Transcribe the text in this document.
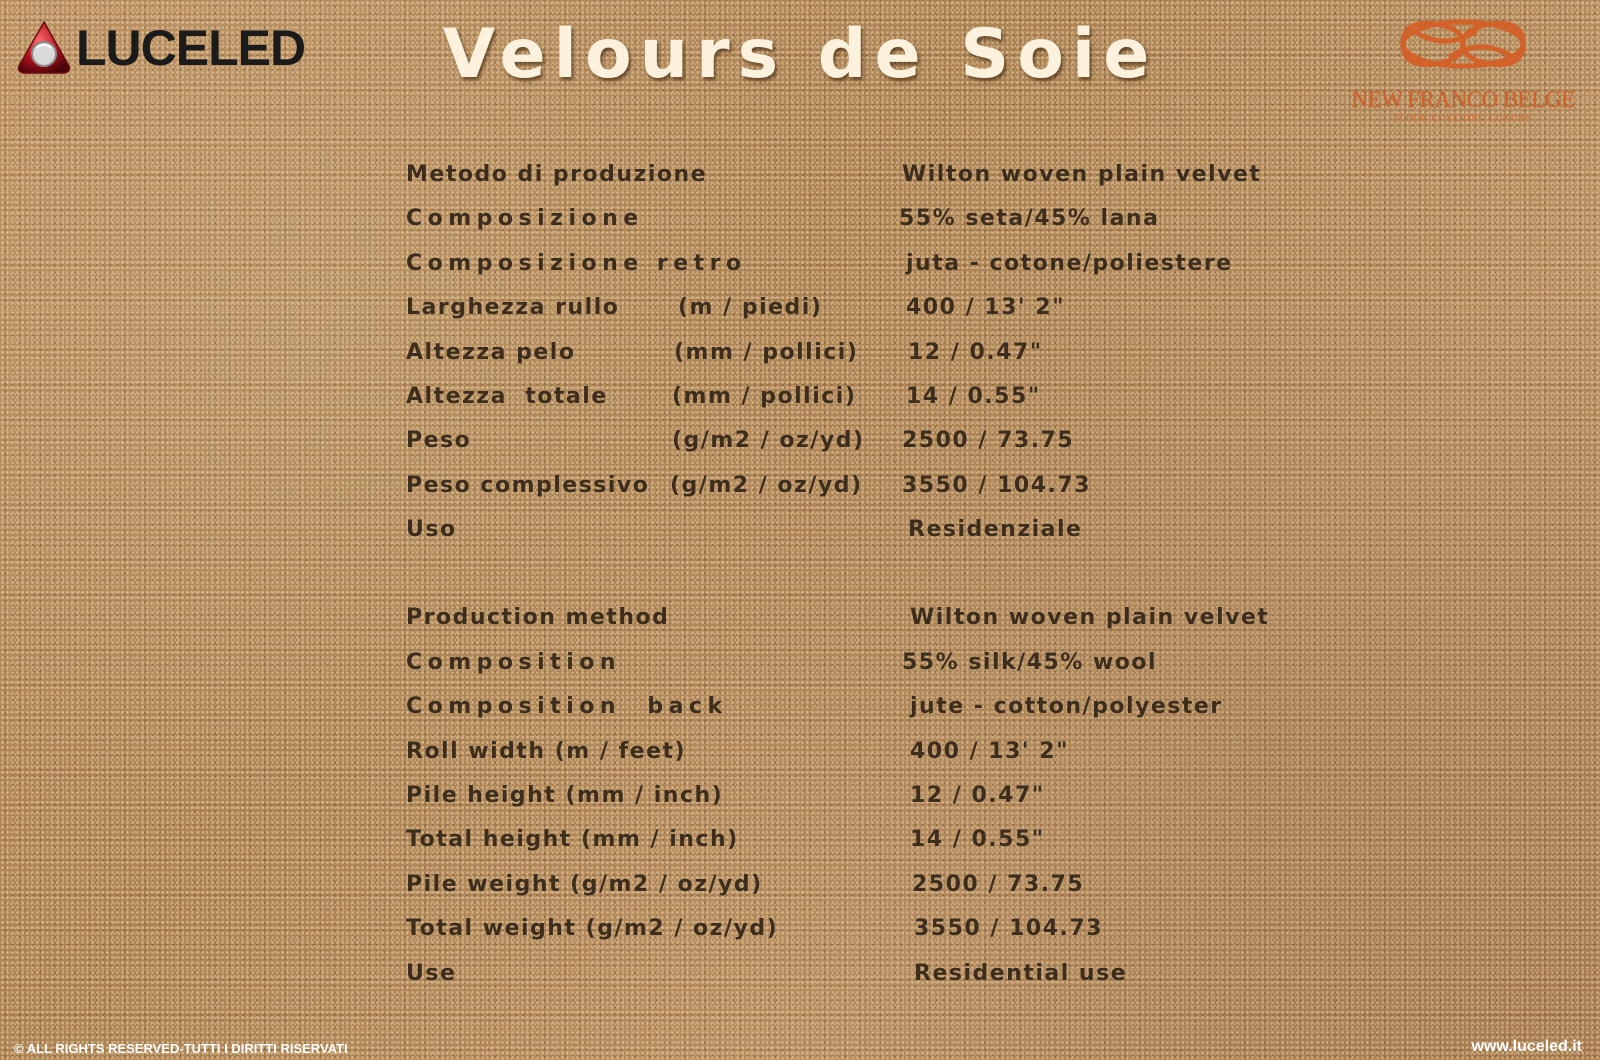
LUCELED	Velours de Soie
NEW FRANCO BELGE
FLOOR COVERING LUXURY
Metodo di produzione	Wilton woven plain velvet
Composizione	55% seta/45% lana
Composizione retro	juta - cotone/poliestere
Larghezza rullo	(m / piedi)	400 / 13' 2"
Altezza pelo	(mm / pollici) 12 / 0.47"
Altezza  totale	(mm / pollici) 14 / 0.55"
Peso	(g/m2 / oz/yd) 2500 / 73.75
Peso complessivo (g/m2 / oz/yd) 3550 / 104.73
Uso	Residenziale
Production method	Wilton woven plain velvet
Composition	55% silk/45% wool
Composition  back	jute - cotton/polyester
Roll width (m / feet)	400 / 13' 2"
Pile height (mm / inch)	12 / 0.47"
Total height (mm / inch)	14 / 0.55"
Pile weight (g/m2 / oz/yd)	2500 / 73.75
Total weight (g/m2 / oz/yd)	3550 / 104.73
Use	Residential use
© ALL RIGHTS RESERVED-TUTTI I DIRITTI RISERVATI	www.luceled.it
